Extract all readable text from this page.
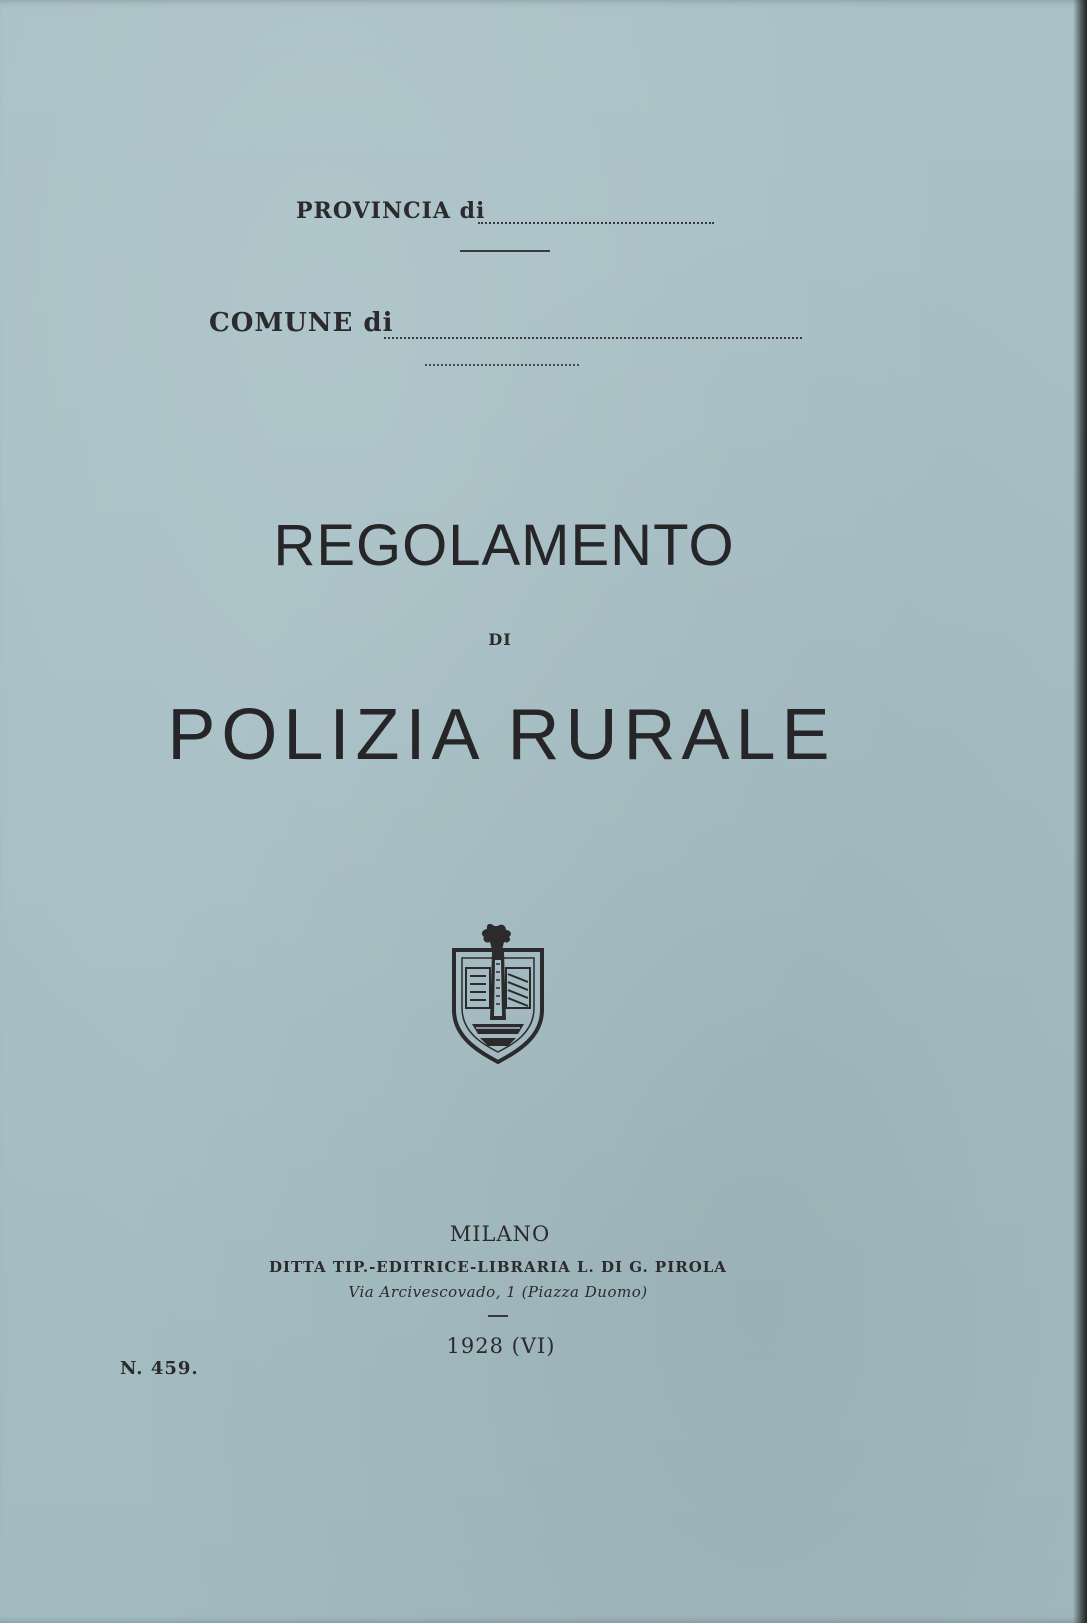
PROVINCIA di
COMUNE di
REGOLAMENTO
DI
POLIZIA RURALE
MILANO
DITTA TIP.-EDITRICE-LIBRARIA L. DI G. PIROLA
Via Arcivescovado, 1 (Piazza Duomo)
1928 (VI)
N. 459.
